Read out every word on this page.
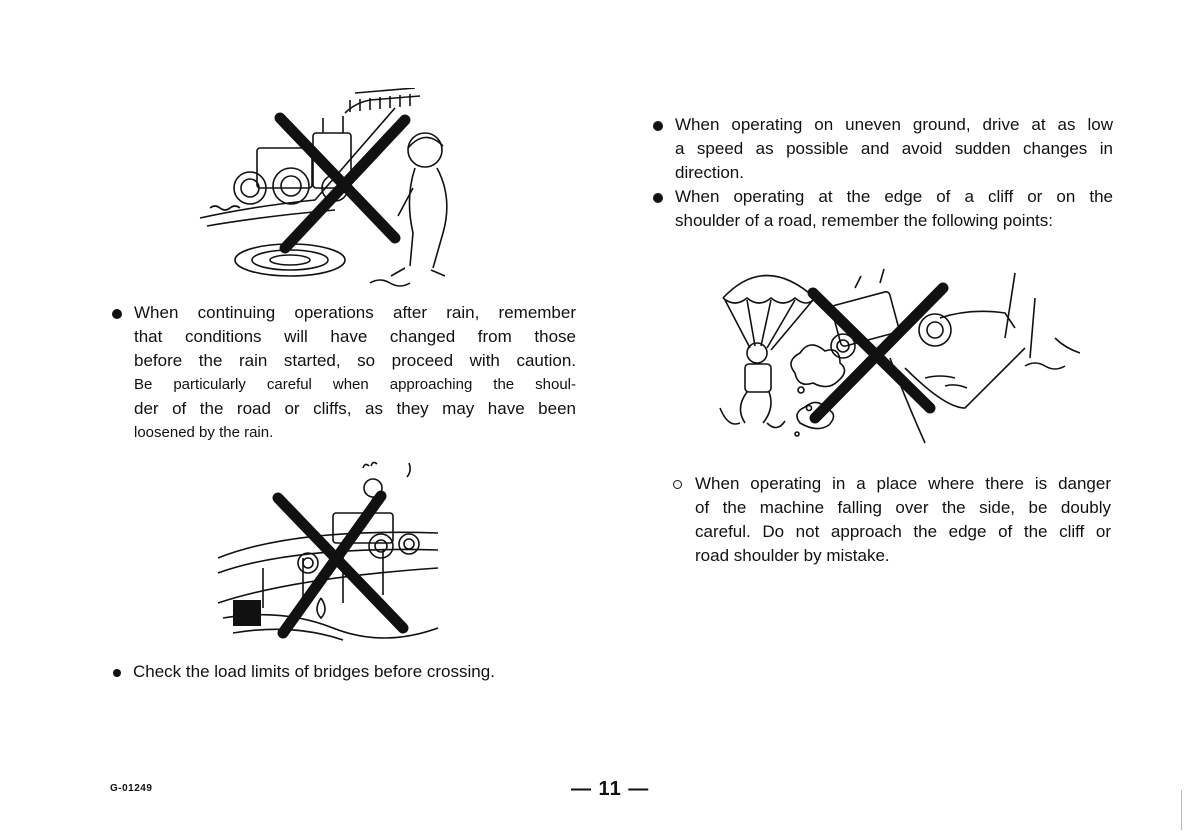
When continuing operations after rain, remember
that conditions will have changed from those
before the rain started, so proceed with caution.
Be particularly careful when approaching the shoul-
der of the road or cliffs, as they may have been
loosened by the rain.
Check the load limits of bridges before crossing.
When operating on uneven ground, drive at as low
a speed as possible and avoid sudden changes in
direction.
When operating at the edge of a cliff or on the
shoulder of a road, remember the following points:
When operating in a place where there is danger
of the machine falling over the side, be doubly
careful. Do not approach the edge of the cliff or
road shoulder by mistake.
G-01249	— 11 —
